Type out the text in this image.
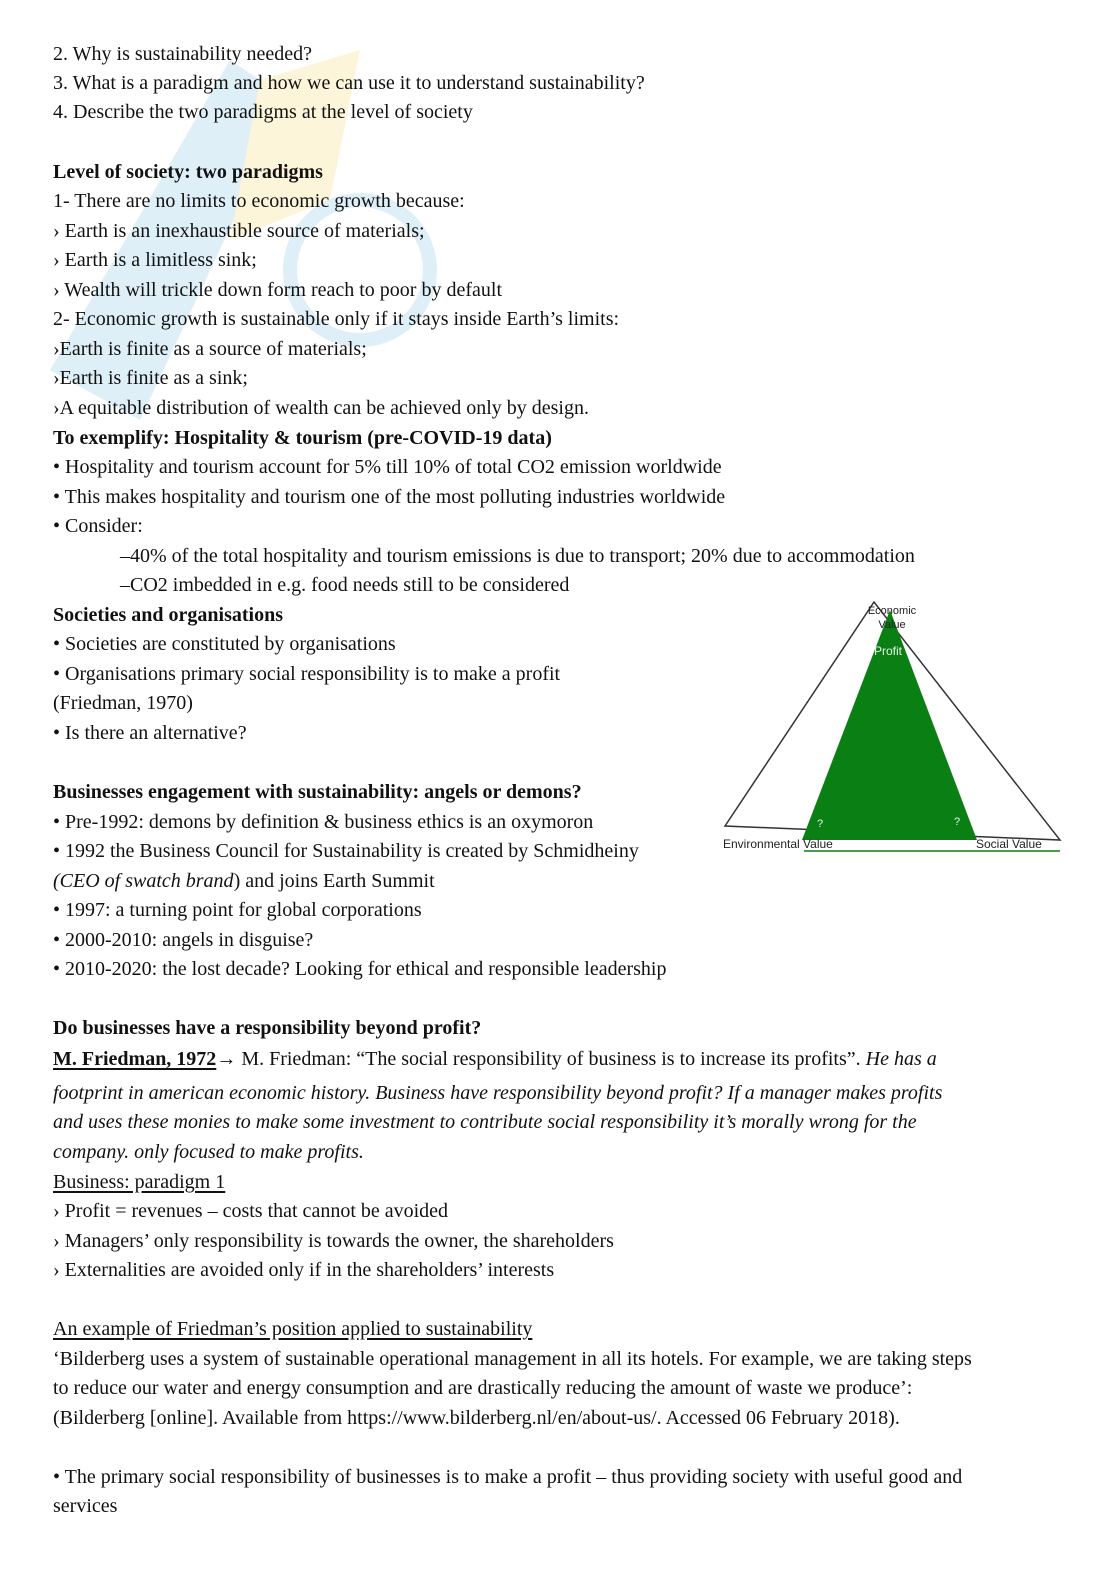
2. Why is sustainability needed?
3. What is a paradigm and how we can use it to understand sustainability?
4. Describe the two paradigms at the level of society
Level of society: two paradigms
1- There are no limits to economic growth because:
› Earth is an inexhaustible source of materials;
› Earth is a limitless sink;
› Wealth will trickle down form reach to poor by default
2- Economic growth is sustainable only if it stays inside Earth’s limits:
›Earth is finite as a source of materials;
›Earth is finite as a sink;
›A equitable distribution of wealth can be achieved only by design.
To exemplify: Hospitality & tourism (pre-COVID-19 data)
• Hospitality and tourism account for 5% till 10% of total CO2 emission worldwide
• This makes hospitality and tourism one of the most polluting industries worldwide
• Consider:
–40% of the total hospitality and tourism emissions is due to transport; 20% due to accommodation
–CO2 imbedded in e.g. food needs still to be considered
Societies and organisations
• Societies are constituted by organisations
• Organisations primary social responsibility is to make a profit
(Friedman, 1970)
• Is there an alternative?
Economic Value
Profit
?	?
Environmental Value	Social Value
Businesses engagement with sustainability: angels or demons?
• Pre-1992: demons by definition & business ethics is an oxymoron
• 1992 the Business Council for Sustainability is created by Schmidheiny
(CEO of swatch brand) and joins Earth Summit
• 1997: a turning point for global corporations
• 2000-2010: angels in disguise?
• 2010-2020: the lost decade? Looking for ethical and responsible leadership
Do businesses have a responsibility beyond profit?
M. Friedman, 1972→ M. Friedman: “The social responsibility of business is to increase its profits”. He has a
footprint in american economic history. Business have responsibility beyond profit? If a manager makes profits
and uses these monies to make some investment to contribute social responsibility it’s morally wrong for the
company. only focused to make profits.
Business: paradigm 1
› Profit = revenues – costs that cannot be avoided
› Managers’ only responsibility is towards the owner, the shareholders
› Externalities are avoided only if in the shareholders’ interests
An example of Friedman’s position applied to sustainability
‘Bilderberg uses a system of sustainable operational management in all its hotels. For example, we are taking steps
to reduce our water and energy consumption and are drastically reducing the amount of waste we produce’:
(Bilderberg [online]. Available from https://www.bilderberg.nl/en/about-us/. Accessed 06 February 2018).
• The primary social responsibility of businesses is to make a profit – thus providing society with useful good and
services
